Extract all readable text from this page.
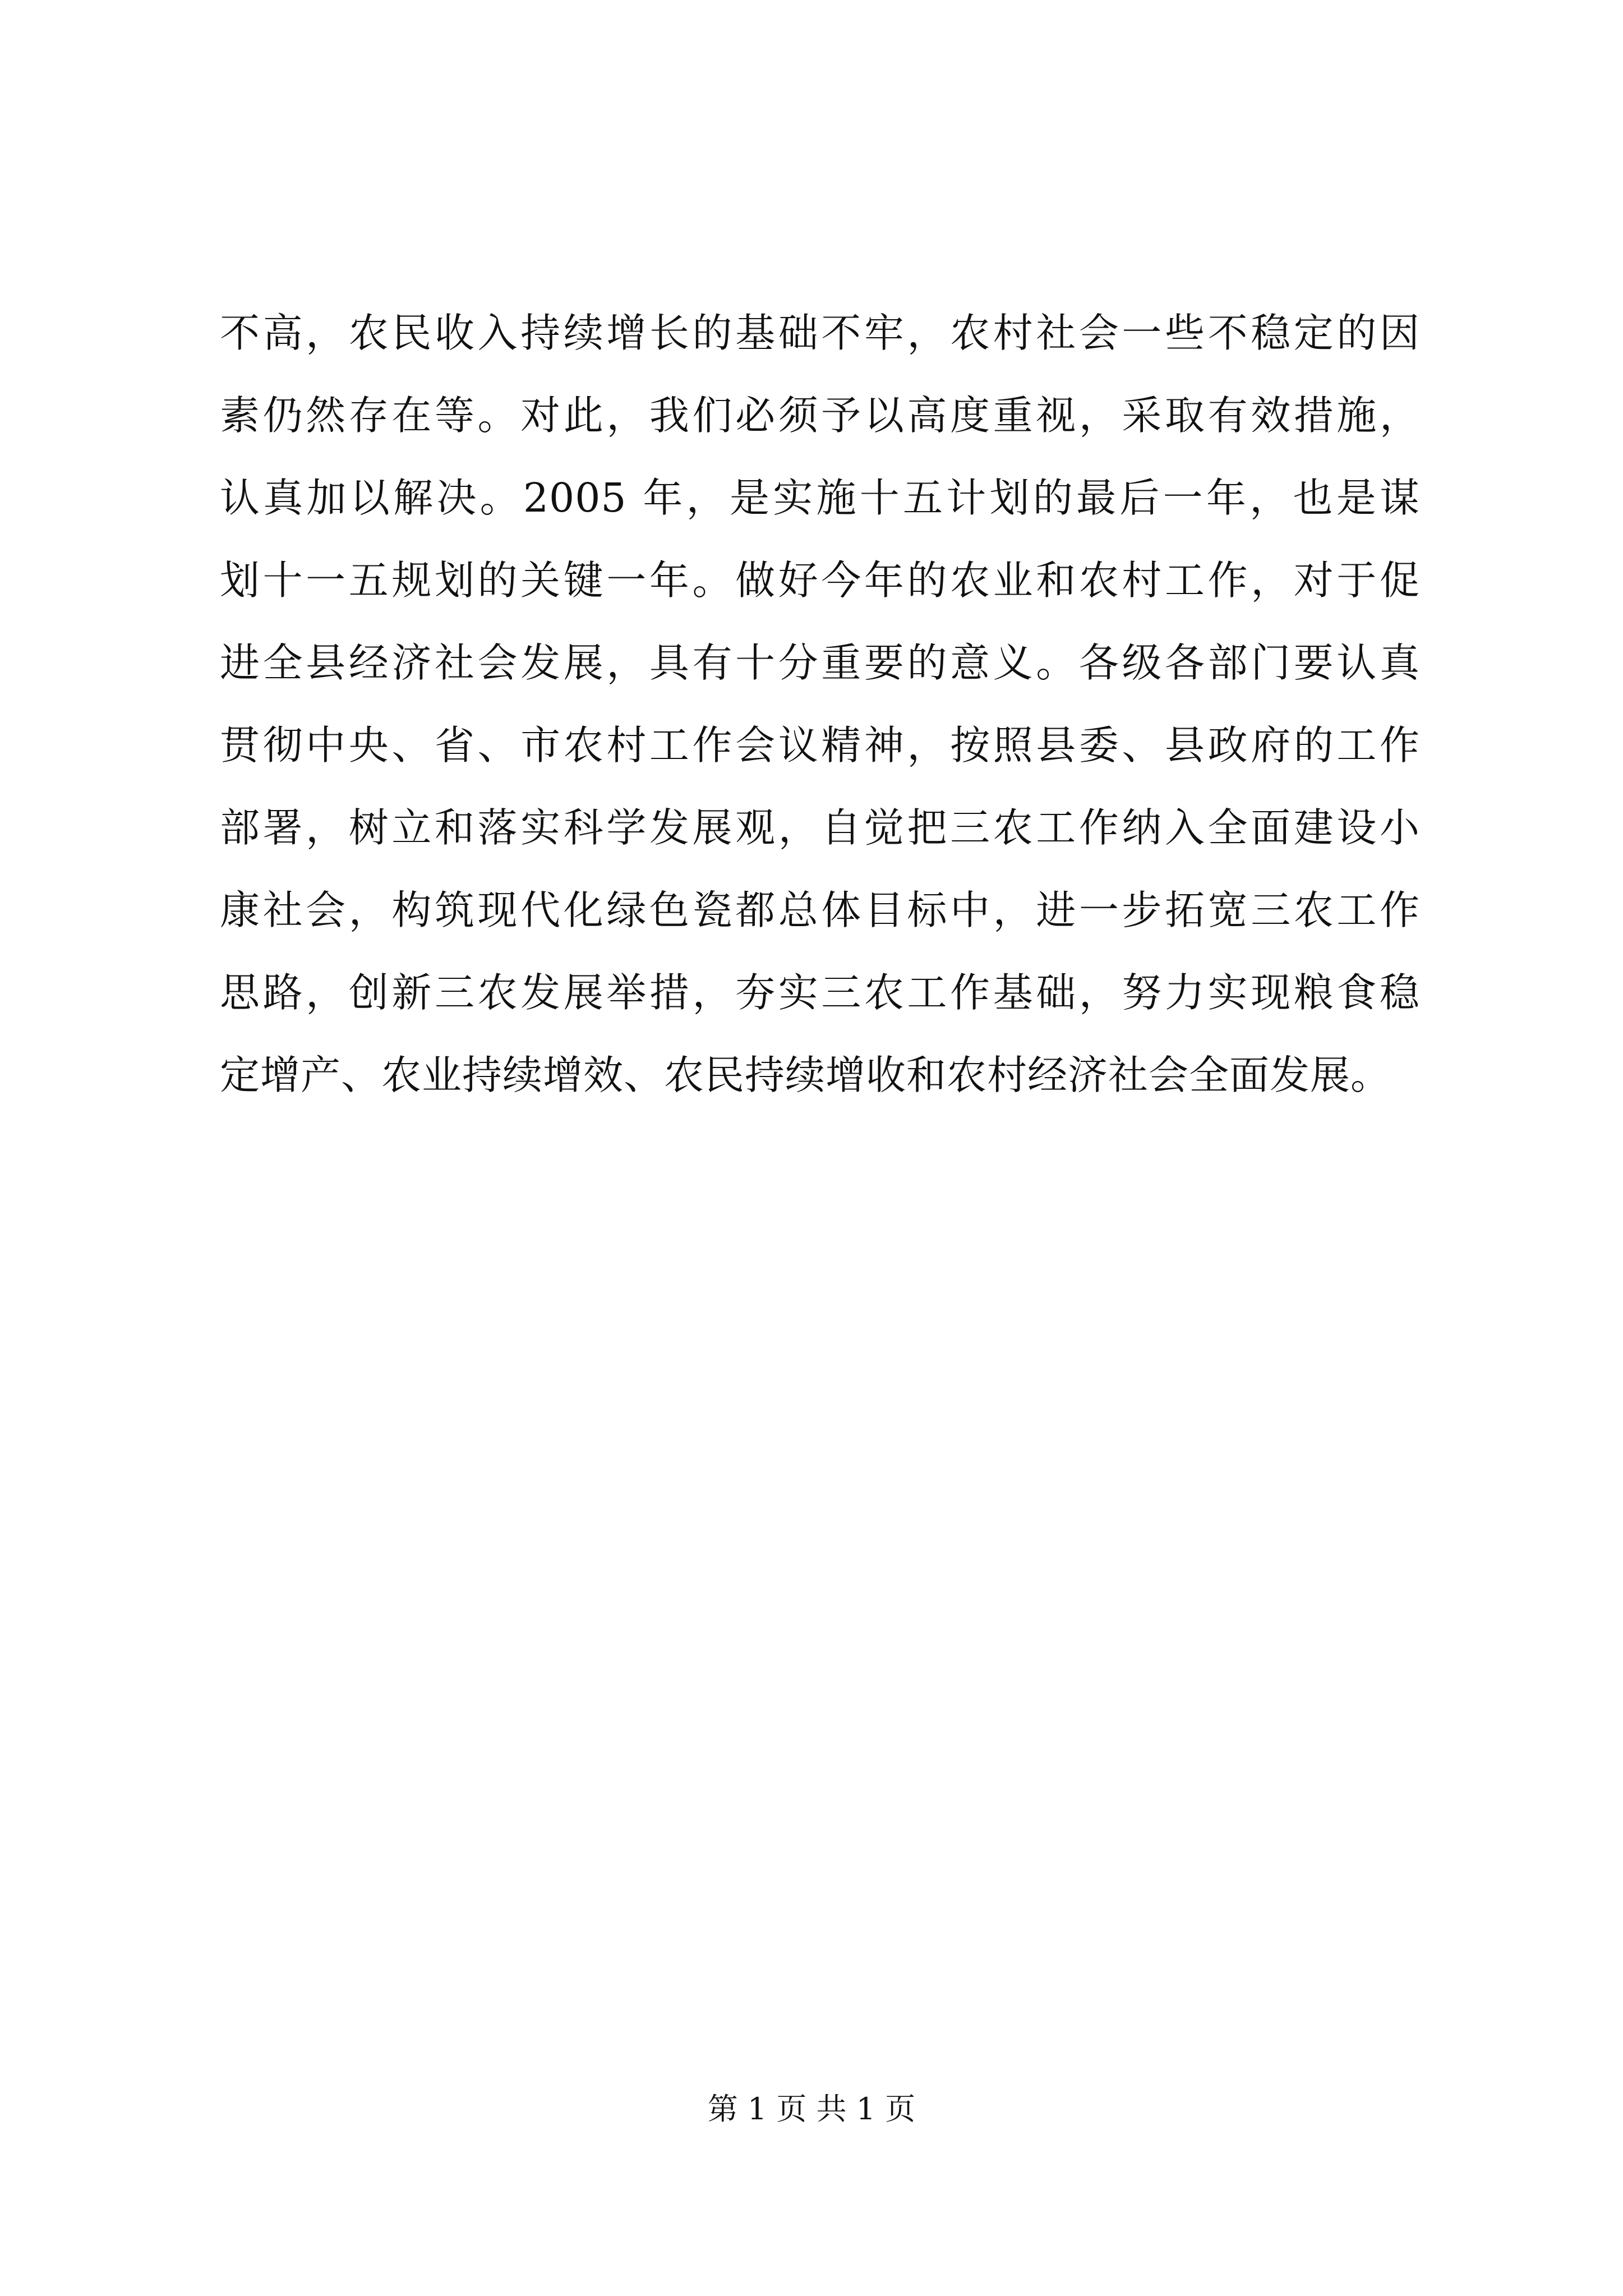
不高，农民收入持续增长的基础不牢，农村社会一些不稳定的因
素仍然存在等。对此，我们必须予以高度重视，采取有效措施，
认真加以解决。2005 年，是实施十五计划的最后一年，也是谋
划十一五规划的关键一年。做好今年的农业和农村工作，对于促
进全县经济社会发展，具有十分重要的意义。各级各部门要认真
贯彻中央、省、市农村工作会议精神，按照县委、县政府的工作
部署，树立和落实科学发展观，自觉把三农工作纳入全面建设小
康社会，构筑现代化绿色瓷都总体目标中，进一步拓宽三农工作
思路，创新三农发展举措，夯实三农工作基础，努力实现粮食稳
定增产、农业持续增效、农民持续增收和农村经济社会全面发展。
第 1 页 共 1 页
